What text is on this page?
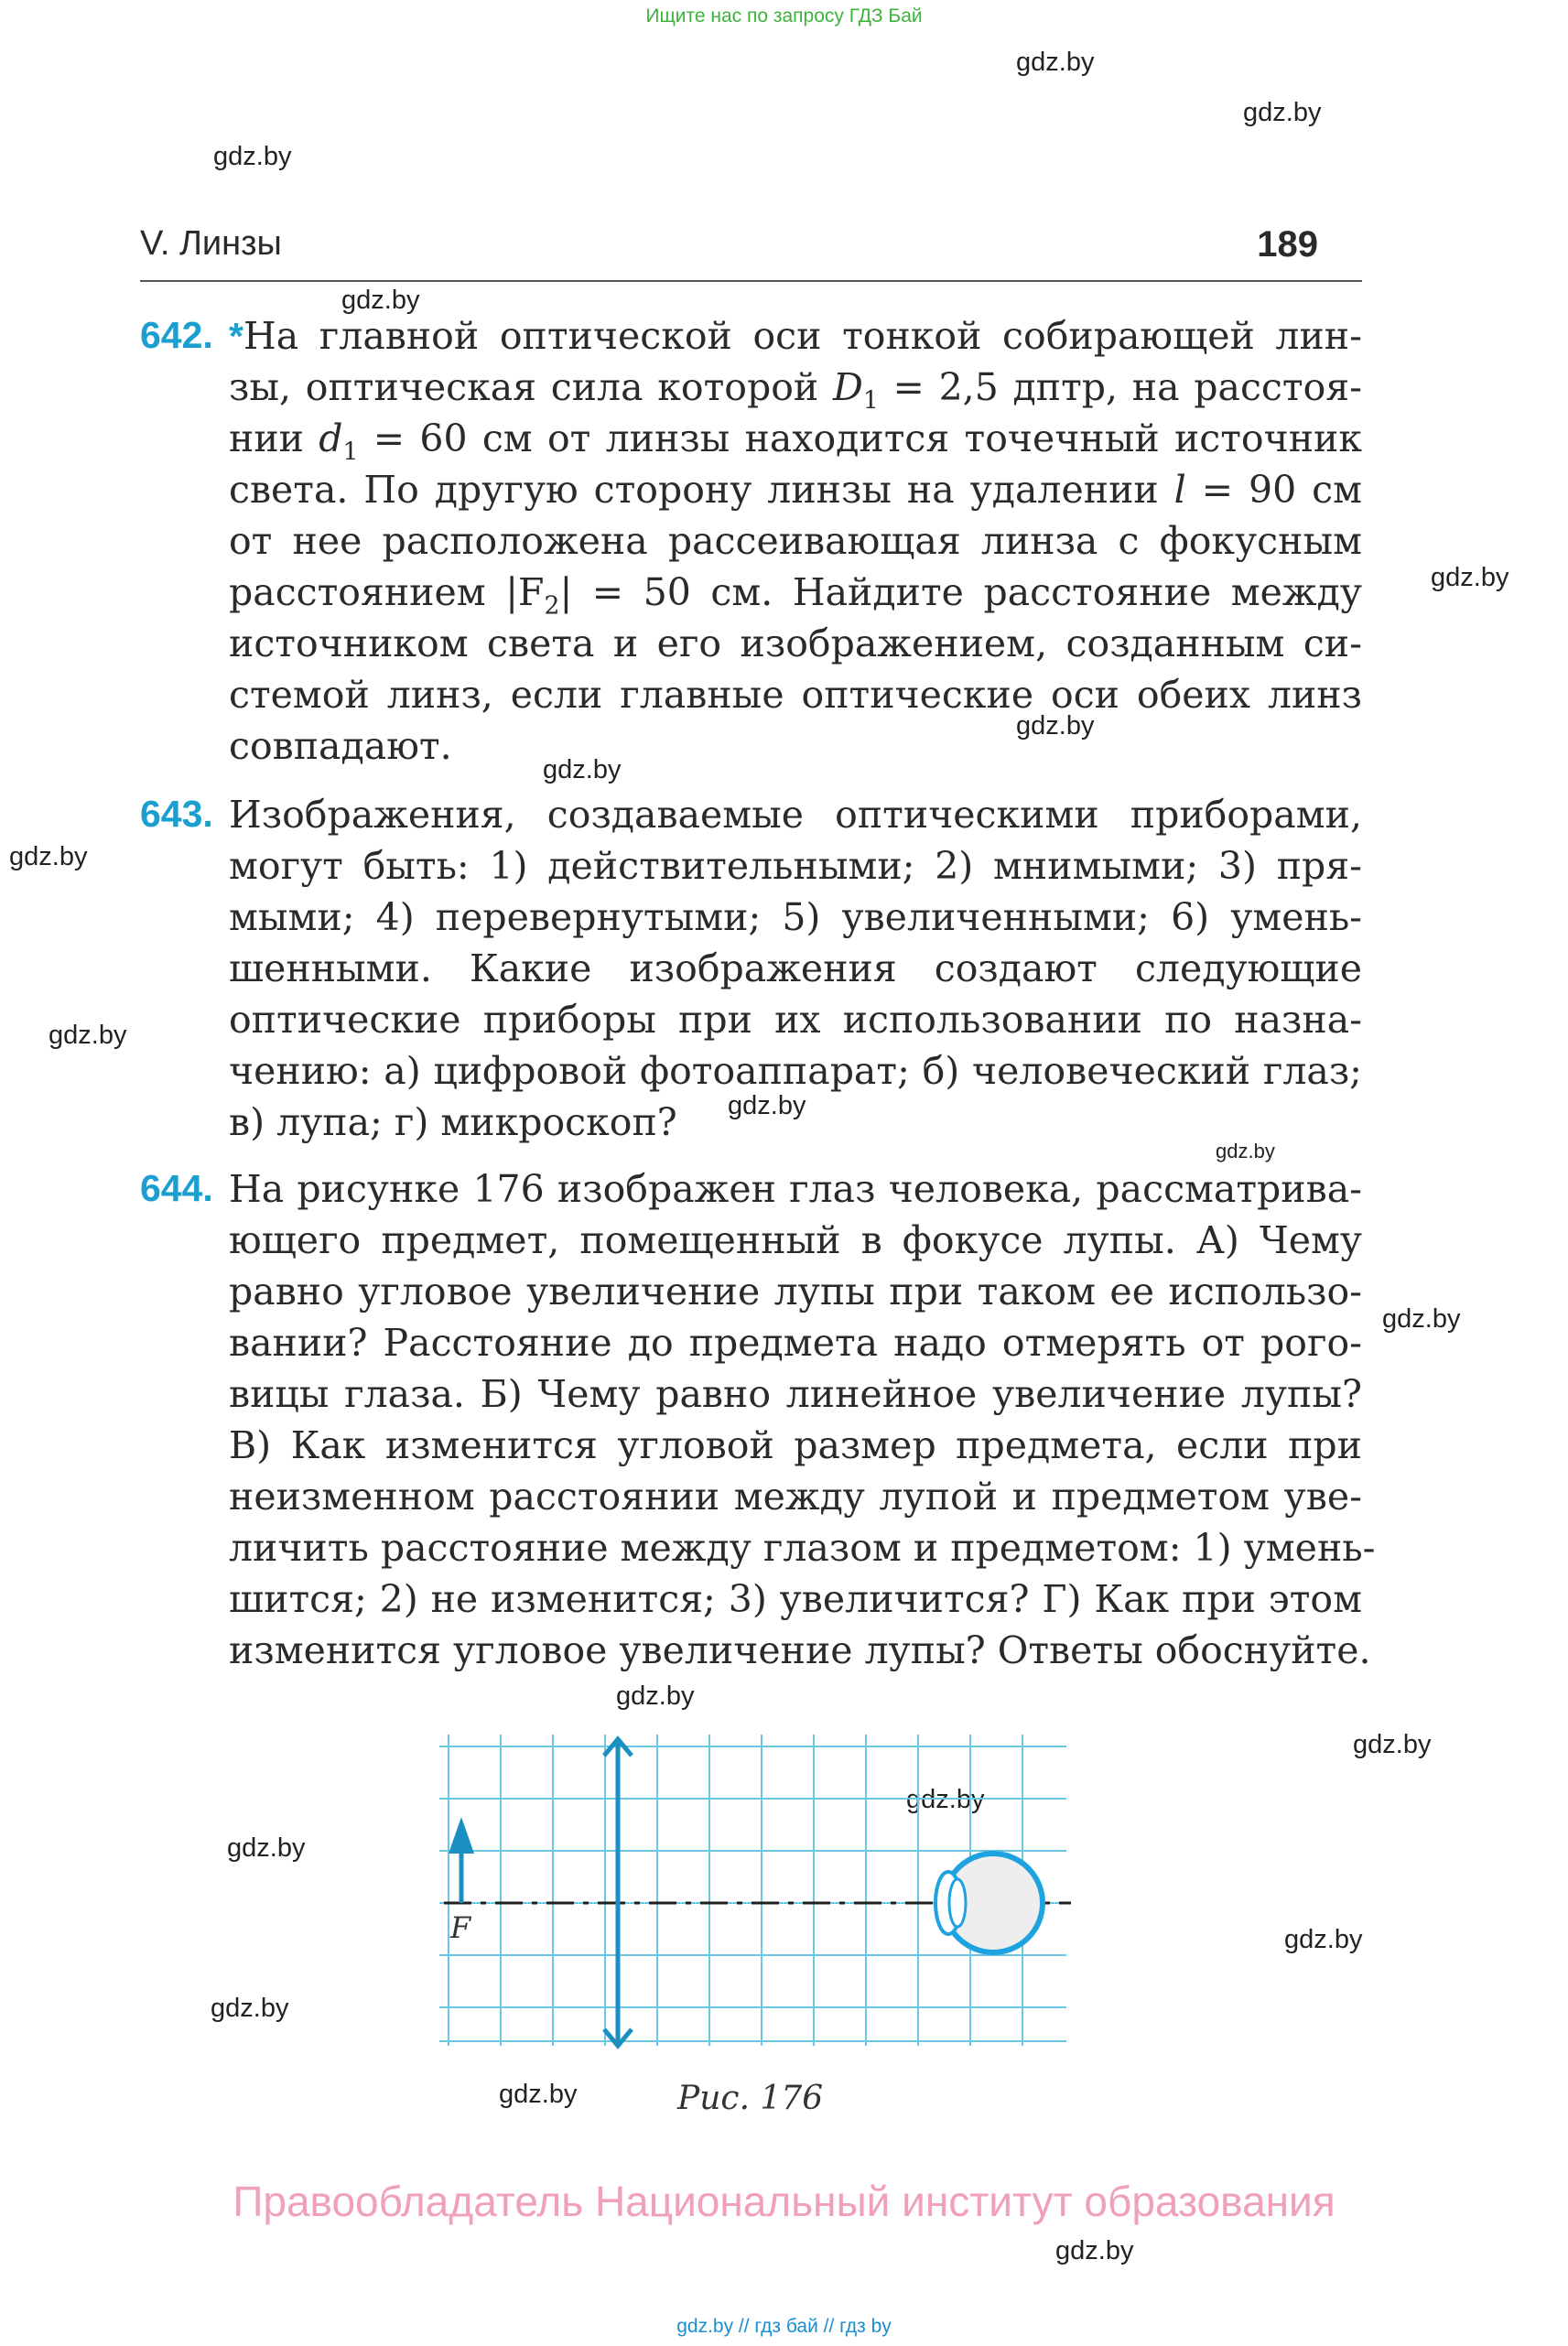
Ищите нас по запросу ГДЗ Бай
gdz.by
gdz.by
gdz.by
gdz.by
gdz.by
gdz.by
gdz.by
gdz.by
gdz.by
gdz.by
gdz.by
gdz.by
gdz.by
gdz.by
gdz.by
gdz.by
gdz.by
gdz.by
gdz.by
gdz.by
V. Линзы	189
642. *На главной оптической оси тонкой собирающей лин-
зы, оптическая сила которой $D_1 = 2,5$ дптр, на расстоя-
нии $d_1 = 60$ см от линзы находится точечный источник
света. По другую сторону линзы на удалении l = 90 см
от нее расположена рассеивающая линза с фокусным
расстоянием $|F_2| = 50$ см. Найдите расстояние между
источником света и его изображением, созданным си-
стемой линз, если главные оптические оси обеих линз
совпадают.
643. Изображения, создаваемые оптическими приборами,
могут быть: 1) действительными; 2) мнимыми; 3) пря-
мыми; 4) перевернутыми; 5) увеличенными; 6) умень-
шенными. Какие изображения создают следующие
оптические приборы при их использовании по назна-
чению: а) цифровой фотоаппарат; б) человеческий глаз;
в) лупа; г) микроскоп?
644. На рисунке 176 изображен глаз человека, рассматрива-
ющего предмет, помещенный в фокусе лупы. А) Чему
равно угловое увеличение лупы при таком ее использо-
вании? Расстояние до предмета надо отмерять от рого-
вицы глаза. Б) Чему равно линейное увеличение лупы?
В) Как изменится угловой размер предмета, если при
неизменном расстоянии между лупой и предметом уве-
личить расстояние между глазом и предметом: 1) умень-
шится; 2) не изменится; 3) увеличится? Г) Как при этом
изменится угловое увеличение лупы? Ответы обоснуйте.
F
Рис. 176
Правообладатель Национальный институт образования
gdz.by // гдз бай // гдз by
